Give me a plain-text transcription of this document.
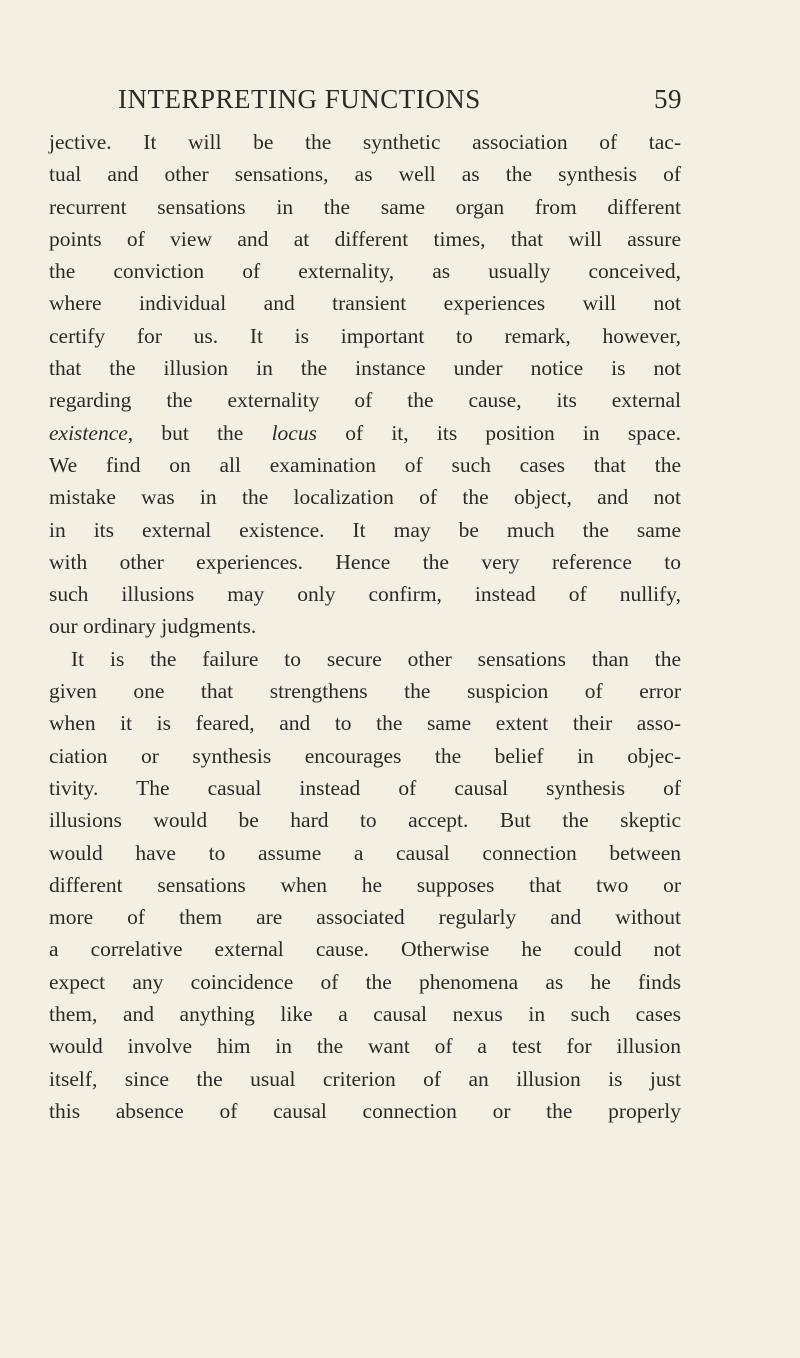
INTERPRETING FUNCTIONS	59
jective. It will be the synthetic association of tac-
tual and other sensations, as well as the synthesis of
recurrent sensations in the same organ from different
points of view and at different times, that will assure
the conviction of externality, as usually conceived,
where individual and transient experiences will not
certify for us. It is important to remark, however,
that the illusion in the instance under notice is not
regarding the externality of the cause, its external
existence, but the locus of it, its position in space.
We find on all examination of such cases that the
mistake was in the localization of the object, and not
in its external existence. It may be much the same
with other experiences. Hence the very reference to
such illusions may only confirm, instead of nullify,
our ordinary judgments.
It is the failure to secure other sensations than the
given one that strengthens the suspicion of error
when it is feared, and to the same extent their asso-
ciation or synthesis encourages the belief in objec-
tivity. The casual instead of causal synthesis of
illusions would be hard to accept. But the skeptic
would have to assume a causal connection between
different sensations when he supposes that two or
more of them are associated regularly and without
a correlative external cause. Otherwise he could not
expect any coincidence of the phenomena as he finds
them, and anything like a causal nexus in such cases
would involve him in the want of a test for illusion
itself, since the usual criterion of an illusion is just
this absence of causal connection or the properly
